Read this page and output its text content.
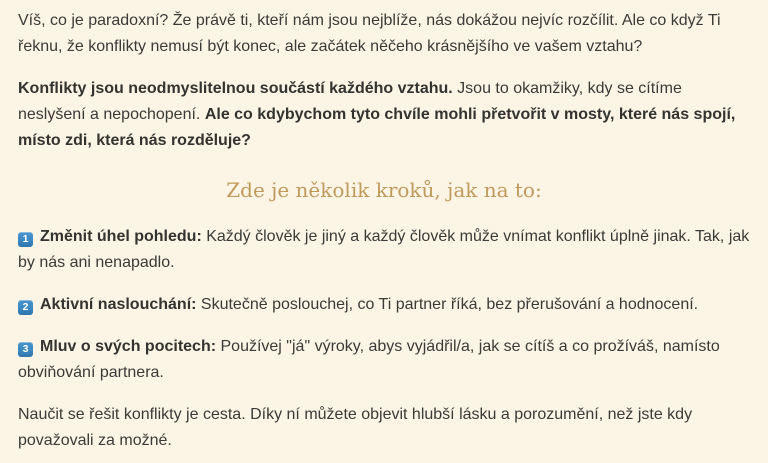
Víš, co je paradoxní? Že právě ti, kteří nám jsou nejblíže, nás dokážou nejvíc rozčílit. Ale co když Ti řeknu, že konflikty nemusí být konec, ale začátek něčeho krásnějšího ve vašem vztahu?

Konflikty jsou neodmyslitelnou součástí každého vztahu. Jsou to okamžiky, kdy se cítíme neslyšení a nepochopení. Ale co kdybychom tyto chvíle mohli přetvořit v mosty, které nás spojí, místo zdi, která nás rozděluje?

Zde je několik kroků, jak na to:

1 Změnit úhel pohledu: Každý člověk je jiný a každý člověk může vnímat konflikt úplně jinak. Tak, jak by nás ani nenapadlo.

2 Aktivní naslouchání: Skutečně poslouchej, co Ti partner říká, bez přerušování a hodnocení.

3 Mluv o svých pocitech: Používej "já" výroky, abys vyjádřil/a, jak se cítíš a co prožíváš, namísto obviňování partnera.

Naučit se řešit konflikty je cesta. Díky ní můžete objevit hlubší lásku a porozumění, než jste kdy považovali za možné.
